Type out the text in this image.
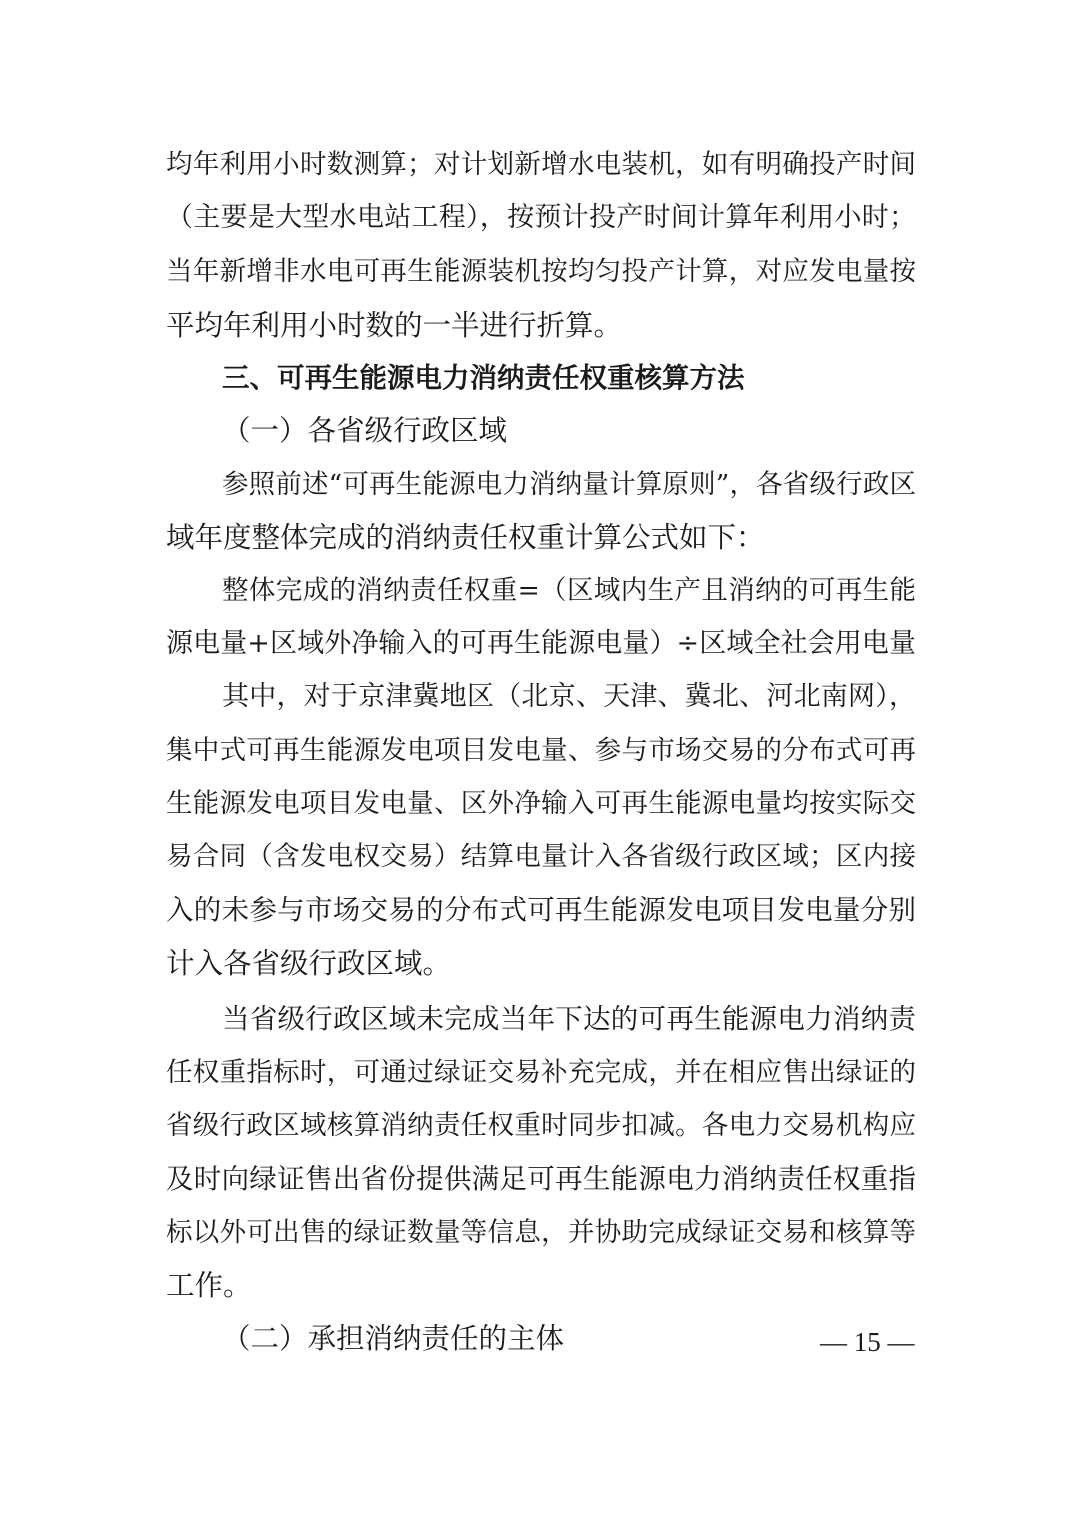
均年利用小时数测算；对计划新增水电装机，如有明确投产时间
（主要是大型水电站工程），按预计投产时间计算年利用小时；
当年新增非水电可再生能源装机按均匀投产计算，对应发电量按
平均年利用小时数的一半进行折算。
三、可再生能源电力消纳责任权重核算方法
（一）各省级行政区域
参照前述“可再生能源电力消纳量计算原则”，各省级行政区
域年度整体完成的消纳责任权重计算公式如下：
整体完成的消纳责任权重=（区域内生产且消纳的可再生能
源电量+区域外净输入的可再生能源电量）÷区域全社会用电量
其中，对于京津冀地区（北京、天津、冀北、河北南网），
集中式可再生能源发电项目发电量、参与市场交易的分布式可再
生能源发电项目发电量、区外净输入可再生能源电量均按实际交
易合同（含发电权交易）结算电量计入各省级行政区域；区内接
入的未参与市场交易的分布式可再生能源发电项目发电量分别
计入各省级行政区域。
当省级行政区域未完成当年下达的可再生能源电力消纳责
任权重指标时，可通过绿证交易补充完成，并在相应售出绿证的
省级行政区域核算消纳责任权重时同步扣减。各电力交易机构应
及时向绿证售出省份提供满足可再生能源电力消纳责任权重指
标以外可出售的绿证数量等信息，并协助完成绿证交易和核算等
工作。
（二）承担消纳责任的主体	— 15 —
